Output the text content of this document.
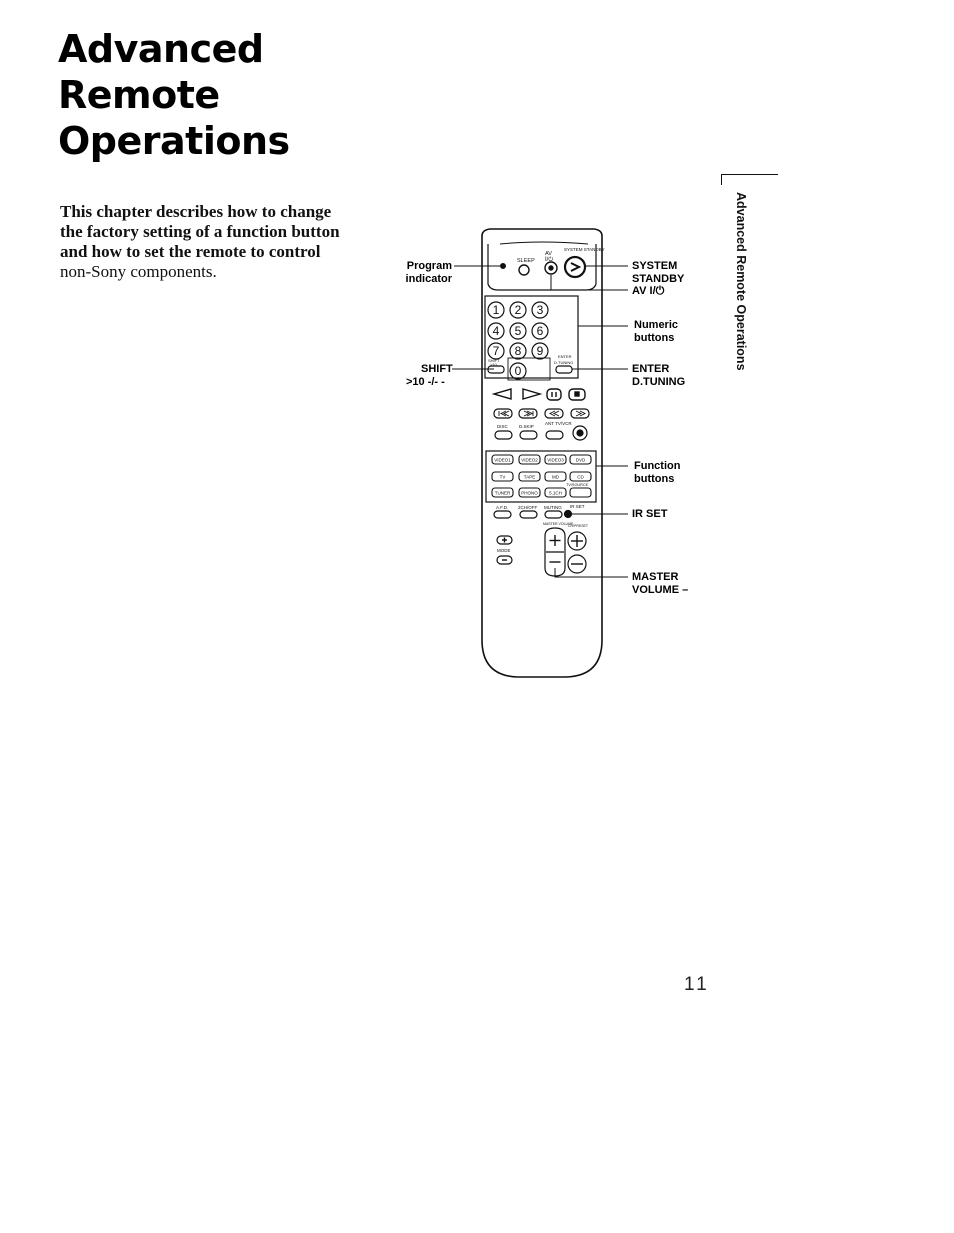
Advanced
Remote
Operations
This chapter describes how to change
the factory setting of a function button
and how to set the remote to control
non-Sony components.	Advanced Remote Operations
SLEEP
AV
I/⏻
SYSTEM STANDBY
1 2 3
4 5 6
7 8 9
0
SHIFT
>10
ENTER
D.TUNING
DISC D.SKIP
ANT TV/VCR
VIDEO1 VIDEO2 VIDEO3	DVD
TV	TAPE	MD	CD
TUNER PHONO	5.1CH
TV/SOURCE
A.F.D. 2CH/OFF MUTING IR SET
MASTER VOLUME
CH/PRESET
MODE
Program
indicator
SYSTEM
STANDBY
AV I/⏻
Numeric
buttons
SHIFT
>10 -/- -
ENTER
D.TUNING
Function
buttons
IR SET
MASTER
VOLUME –
11
